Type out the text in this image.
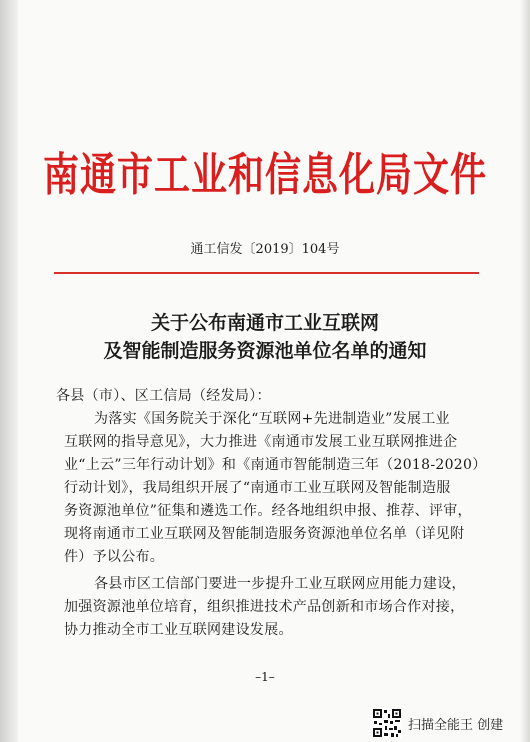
南通市工业和信息化局文件
通工信发〔2019〕104号
关于公布南通市工业互联网
及智能制造服务资源池单位名单的通知

各县（市）、区工信局（经发局）：

为落实《国务院关于深化“互联网+先进制造业”发展工业
互联网的指导意见》，大力推进《南通市发展工业互联网推进企
业“上云”三年行动计划》和《南通市智能制造三年（2018-2020）
行动计划》，我局组织开展了“南通市工业互联网及智能制造服
务资源池单位”征集和遴选工作。经各地组织申报、推荐、评审，
现将南通市工业互联网及智能制造服务资源池单位名单（详见附
件）予以公布。

各县市区工信部门要进一步提升工业互联网应用能力建设，
加强资源池单位培育，组织推进技术产品创新和市场合作对接，
协力推动全市工业互联网建设发展。

–1–
扫描全能王 创建
